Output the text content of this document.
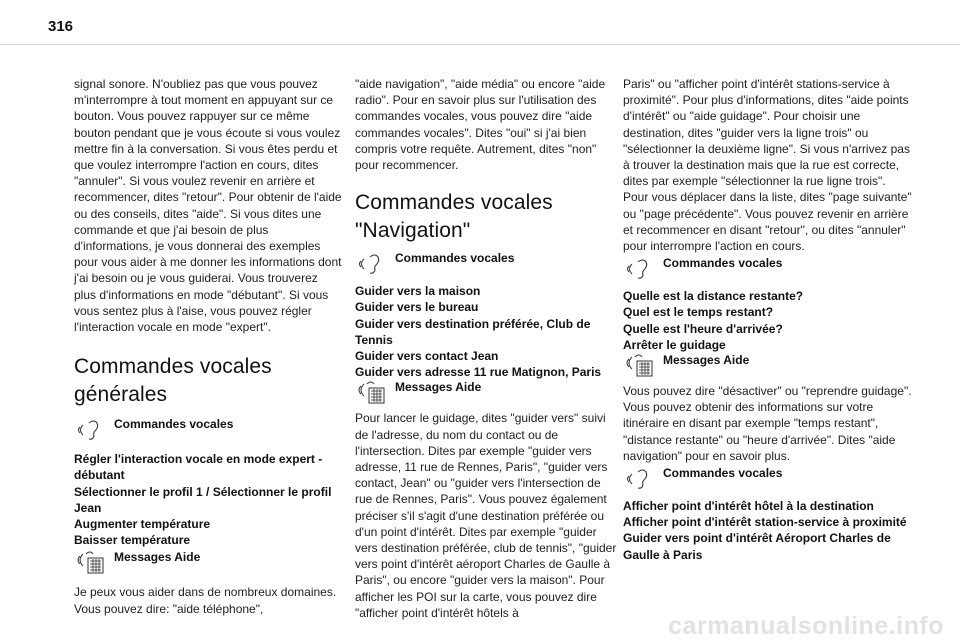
316

signal sonore. N'oubliez pas que vous pouvez m'interrompre à tout moment en appuyant sur ce bouton. Vous pouvez rappuyer sur ce même bouton pendant que je vous écoute si vous voulez mettre fin à la conversation. Si vous êtes perdu et que voulez interrompre l'action en cours, dites "annuler". Si vous voulez revenir en arrière et recommencer, dites "retour". Pour obtenir de l'aide ou des conseils, dites "aide". Si vous dites une commande et que j'ai besoin de plus d'informations, je vous donnerai des exemples pour vous aider à me donner les informations dont j'ai besoin ou je vous guiderai. Vous trouverez plus d'informations en mode "débutant". Si vous vous sentez plus à l'aise, vous pouvez régler l'interaction vocale en mode "expert".

Commandes vocales générales
Commandes vocales

Régler l'interaction vocale en mode expert - débutant

Sélectionner le profil 1 / Sélectionner le profil Jean

Augmenter température

Baisser température

Messages Aide

Je peux vous aider dans de nombreux domaines. Vous pouvez dire: "aide téléphone",

"aide navigation", "aide média" ou encore "aide radio". Pour en savoir plus sur l'utilisation des commandes vocales, vous pouvez dire "aide commandes vocales". Dites "oui" si j'ai bien compris votre requête. Autrement, dites "non" pour recommencer.

Commandes vocales "Navigation"
Commandes vocales

Guider vers la maison

Guider vers le bureau

Guider vers destination préférée, Club de Tennis

Guider vers contact Jean

Guider vers adresse 11 rue Matignon, Paris

Messages Aide

Pour lancer le guidage, dites "guider vers" suivi de l'adresse, du nom du contact ou de l'intersection. Dites par exemple "guider vers adresse, 11 rue de Rennes, Paris", "guider vers contact, Jean" ou "guider vers l'intersection de rue de Rennes, Paris". Vous pouvez également préciser s'il s'agit d'une destination préférée ou d'un point d'intérêt. Dites par exemple "guider vers destination préférée, club de tennis", "guider vers point d'intérêt aéroport Charles de Gaulle à Paris", ou encore "guider vers la maison". Pour afficher les POI sur la carte, vous pouvez dire "afficher point d'intérêt hôtels à

Paris" ou "afficher point d'intérêt stations-service à proximité". Pour plus d'informations, dites "aide points d'intérêt" ou "aide guidage". Pour choisir une destination, dites "guider vers la ligne trois" ou "sélectionner la deuxième ligne". Si vous n'arrivez pas à trouver la destination mais que la rue est correcte, dites par exemple "sélectionner la rue ligne trois". Pour vous déplacer dans la liste, dites "page suivante" ou "page précédente". Vous pouvez revenir en arrière et recommencer en disant "retour", ou dites "annuler" pour interrompre l'action en cours.

Commandes vocales

Quelle est la distance restante?

Quel est le temps restant?

Quelle est l'heure d'arrivée?

Arrêter le guidage

Messages Aide

Vous pouvez dire "désactiver" ou "reprendre guidage". Vous pouvez obtenir des informations sur votre itinéraire en disant par exemple "temps restant", "distance restante" ou "heure d'arrivée". Dites "aide navigation" pour en savoir plus.

Commandes vocales

Afficher point d'intérêt hôtel à la destination

Afficher point d'intérêt station-service à proximité

Guider vers point d'intérêt Aéroport Charles de Gaulle à Paris

carmanualsonline.info
